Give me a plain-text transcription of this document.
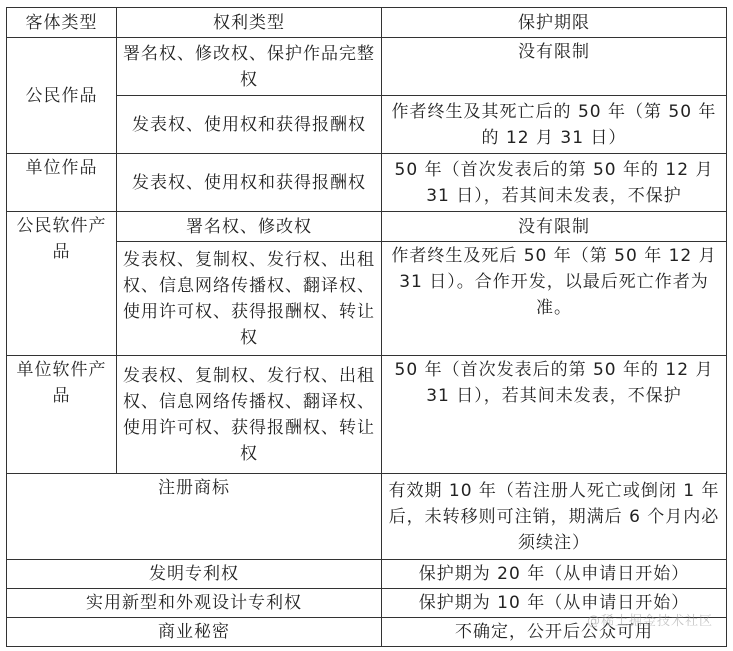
客体类型	权利类型	保护期限
公民作品	署名权、修改权、保护作品完整权	没有限制
	发表权、使用权和获得报酬权	作者终生及其死亡后的 50 年（第 50 年的 12 月 31 日）
单位作品	发表权、使用权和获得报酬权	50 年（首次发表后的第 50 年的 12 月 31 日），若其间未发表，不保护
公民软件产品	署名权、修改权	没有限制
	发表权、复制权、发行权、出租权、信息网络传播权、翻译权、使用许可权、获得报酬权、转让权	作者终生及死后 50 年（第 50 年 12 月 31 日）。合作开发，以最后死亡作者为准。
单位软件产品	发表权、复制权、发行权、出租权、信息网络传播权、翻译权、使用许可权、获得报酬权、转让权	50 年（首次发表后的第 50 年的 12 月 31 日），若其间未发表，不保护
注册商标		有效期 10 年（若注册人死亡或倒闭 1 年后，未转移则可注销，期满后 6 个月内必须续注）
发明专利权		保护期为 20 年（从申请日开始）
实用新型和外观设计专利权		保护期为 10 年（从申请日开始）
商业秘密		不确定，公开后公众可用
@稀土掘金技术社区
